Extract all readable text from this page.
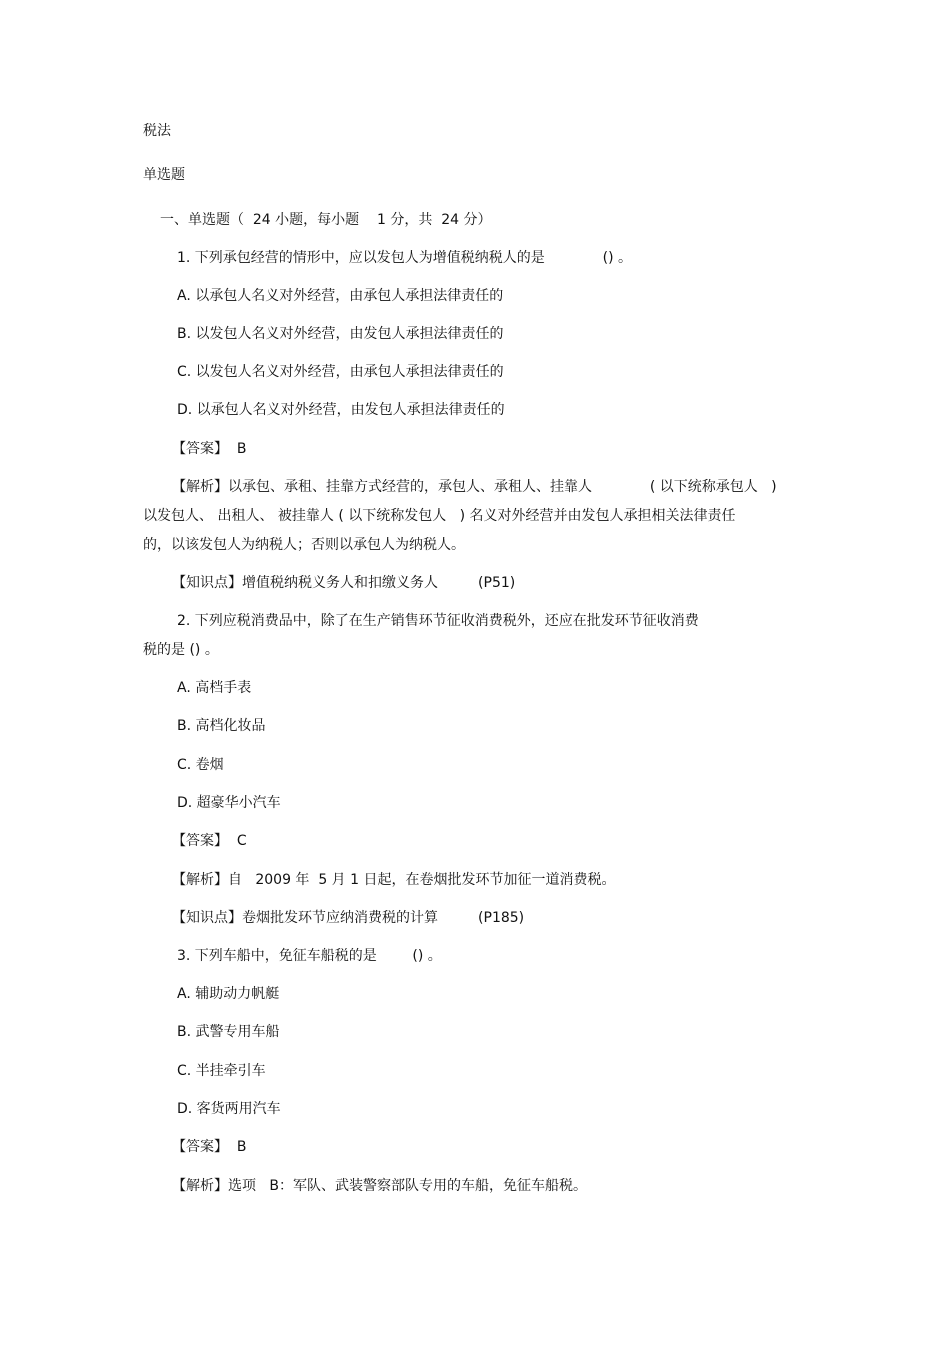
税法
单选题
一、单选题（  24 小题，每小题    1 分，共  24 分）
1. 下列承包经营的情形中，应以发包人为增值税纳税人的是             () 。
A. 以承包人名义对外经营，由承包人承担法律责任的
B. 以发包人名义对外经营，由发包人承担法律责任的
C. 以发包人名义对外经营，由承包人承担法律责任的
D. 以承包人名义对外经营，由发包人承担法律责任的
【答案】  B
【解析】以承包、承租、挂靠方式经营的，承包人、承租人、挂靠人             ( 以下统称承包人   )
以发包人、 出租人、 被挂靠人 ( 以下统称发包人   ) 名义对外经营并由发包人承担相关法律责任
的，以该发包人为纳税人；否则以承包人为纳税人。
【知识点】增值税纳税义务人和扣缴义务人         (P51)
2. 下列应税消费品中，除了在生产销售环节征收消费税外，还应在批发环节征收消费
税的是 () 。
A. 高档手表
B. 高档化妆品
C. 卷烟
D. 超豪华小汽车
【答案】  C
【解析】自   2009 年  5 月 1 日起，在卷烟批发环节加征一道消费税。
【知识点】卷烟批发环节应纳消费税的计算         (P185)
3. 下列车船中，免征车船税的是        () 。
A. 辅助动力帆艇
B. 武警专用车船
C. 半挂牵引车
D. 客货两用汽车
【答案】  B
【解析】选项   B：军队、武装警察部队专用的车船，免征车船税。
